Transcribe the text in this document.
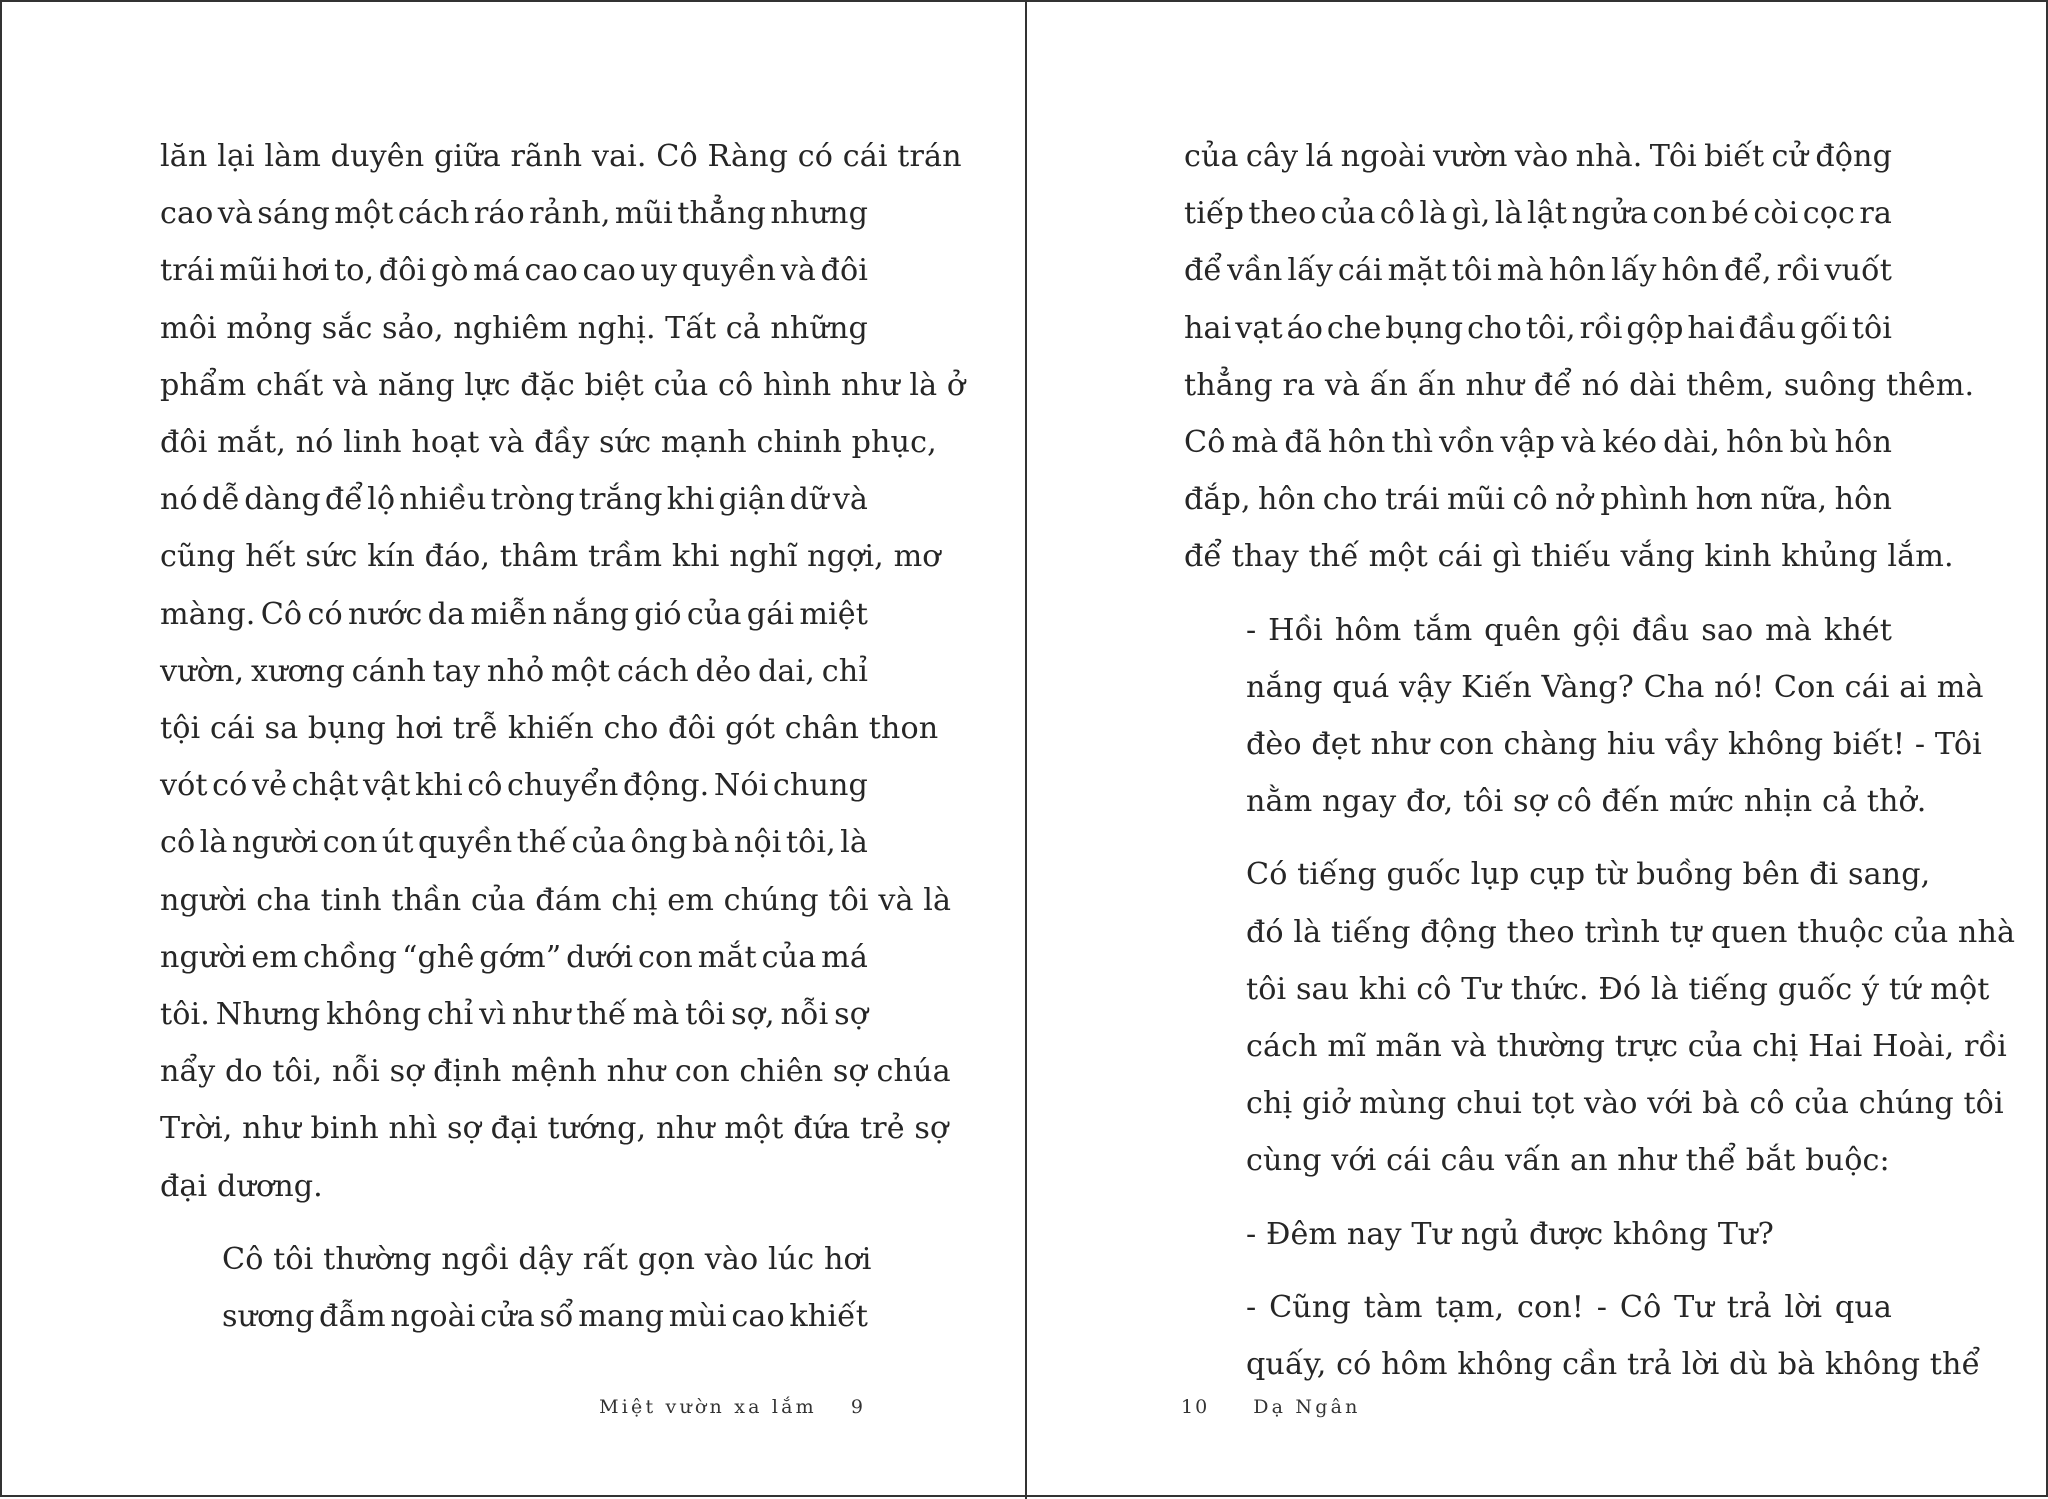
lăn lại làm duyên giữa rãnh vai. Cô Ràng có cái trán
cao và sáng một cách ráo rảnh, mũi thẳng nhưng
trái mũi hơi to, đôi gò má cao cao uy quyền và đôi
môi mỏng sắc sảo, nghiêm nghị. Tất cả những
phẩm chất và năng lực đặc biệt của cô hình như là ở
đôi mắt, nó linh hoạt và đầy sức mạnh chinh phục,
nó dễ dàng để lộ nhiều tròng trắng khi giận dữ và
cũng hết sức kín đáo, thâm trầm khi nghĩ ngợi, mơ
màng. Cô có nước da miễn nắng gió của gái miệt
vườn, xương cánh tay nhỏ một cách dẻo dai, chỉ
tội cái sa bụng hơi trễ khiến cho đôi gót chân thon
vót có vẻ chật vật khi cô chuyển động. Nói chung
cô là người con út quyền thế của ông bà nội tôi, là
người cha tinh thần của đám chị em chúng tôi và là
người em chồng “ghê gớm” dưới con mắt của má
tôi. Nhưng không chỉ vì như thế mà tôi sợ, nỗi sợ
nẩy do tôi, nỗi sợ định mệnh như con chiên sợ chúa
Trời, như binh nhì sợ đại tướng, như một đứa trẻ sợ
đại dương.
Cô tôi thường ngồi dậy rất gọn vào lúc hơi
sương đẫm ngoài cửa sổ mang mùi cao khiết
Miệt vườn xa lắm 9
của cây lá ngoài vườn vào nhà. Tôi biết cử động
tiếp theo của cô là gì, là lật ngửa con bé còi cọc ra
để vần lấy cái mặt tôi mà hôn lấy hôn để, rồi vuốt
hai vạt áo che bụng cho tôi, rồi gộp hai đầu gối tôi
thẳng ra và ấn ấn như để nó dài thêm, suông thêm.
Cô mà đã hôn thì vồn vập và kéo dài, hôn bù hôn
đắp, hôn cho trái mũi cô nở phình hơn nữa, hôn
để thay thế một cái gì thiếu vắng kinh khủng lắm.
- Hồi hôm tắm quên gội đầu sao mà khét
nắng quá vậy Kiến Vàng? Cha nó! Con cái ai mà
đèo đẹt như con chàng hiu vầy không biết! - Tôi
nằm ngay đơ, tôi sợ cô đến mức nhịn cả thở.
Có tiếng guốc lụp cụp từ buồng bên đi sang,
đó là tiếng động theo trình tự quen thuộc của nhà
tôi sau khi cô Tư thức. Đó là tiếng guốc ý tứ một
cách mĩ mãn và thường trực của chị Hai Hoài, rồi
chị giở mùng chui tọt vào với bà cô của chúng tôi
cùng với cái câu vấn an như thể bắt buộc:
- Đêm nay Tư ngủ được không Tư?
- Cũng tàm tạm, con! - Cô Tư trả lời qua
quấy, có hôm không cần trả lời dù bà không thể
10 Dạ Ngân
